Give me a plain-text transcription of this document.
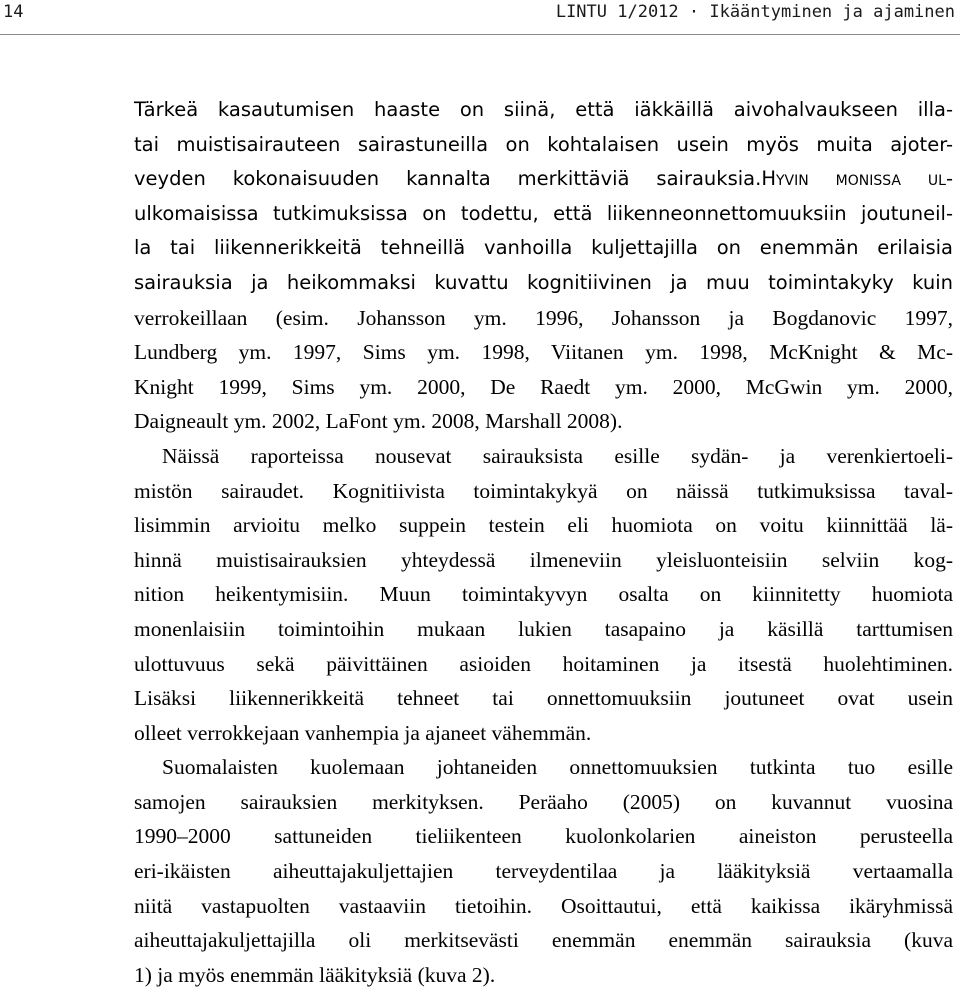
14	LINTU 1/2012 · Ikääntyminen ja ajaminen
Tärkeä kasautumisen haaste on siinä, että iäkkäillä aivohalvaukseen illa-
tai muistisairauteen sairastuneilla on kohtalaisen usein myös muita ajoter-
veyden kokonaisuuden kannalta merkittäviä sairauksia.Hyvin monissa ul-
ulkomaisissa tutkimuksissa on todettu, että liikenneonnettomuuksiin joutuneil-
la tai liikennerikkeitä tehneillä vanhoilla kuljettajilla on enemmän erilaisia
sairauksia ja heikommaksi kuvattu kognitiivinen ja muu toimintakyky kuin
verrokeillaan (esim. Johansson ym. 1996, Johansson ja Bogdanovic 1997,
Lundberg ym. 1997, Sims ym. 1998, Viitanen ym. 1998, McKnight & Mc-
Knight 1999, Sims ym. 2000, De Raedt ym. 2000, McGwin ym. 2000,
Daigneault ym. 2002, LaFont ym. 2008, Marshall 2008).
Näissä raporteissa nousevat sairauksista esille sydän- ja verenkiertoeli-
mistön sairaudet. Kognitiivista toimintakykyä on näissä tutkimuksissa taval-
lisimmin arvioitu melko suppein testein eli huomiota on voitu kiinnittää lä-
hinnä muistisairauksien yhteydessä ilmeneviin yleisluonteisiin selviin kog-
nition heikentymisiin. Muun toimintakyvyn osalta on kiinnitetty huomiota
monenlaisiin toimintoihin mukaan lukien tasapaino ja käsillä tarttumisen
ulottuvuus sekä päivittäinen asioiden hoitaminen ja itsestä huolehtiminen.
Lisäksi liikennerikkeitä tehneet tai onnettomuuksiin joutuneet ovat usein
olleet verrokkejaan vanhempia ja ajaneet vähemmän.
Suomalaisten kuolemaan johtaneiden onnettomuuksien tutkinta tuo esille
samojen sairauksien merkityksen. Peräaho (2005) on kuvannut vuosina
1990–2000 sattuneiden tieliikenteen kuolonkolarien aineiston perusteella
eri-ikäisten aiheuttajakuljettajien terveydentilaa ja lääkityksiä vertaamalla
niitä vastapuolten vastaaviin tietoihin. Osoittautui, että kaikissa ikäryhmissä
aiheuttajakuljettajilla oli merkitsevästi enemmän enemmän sairauksia (kuva
1) ja myös enemmän lääkityksiä (kuva 2).
